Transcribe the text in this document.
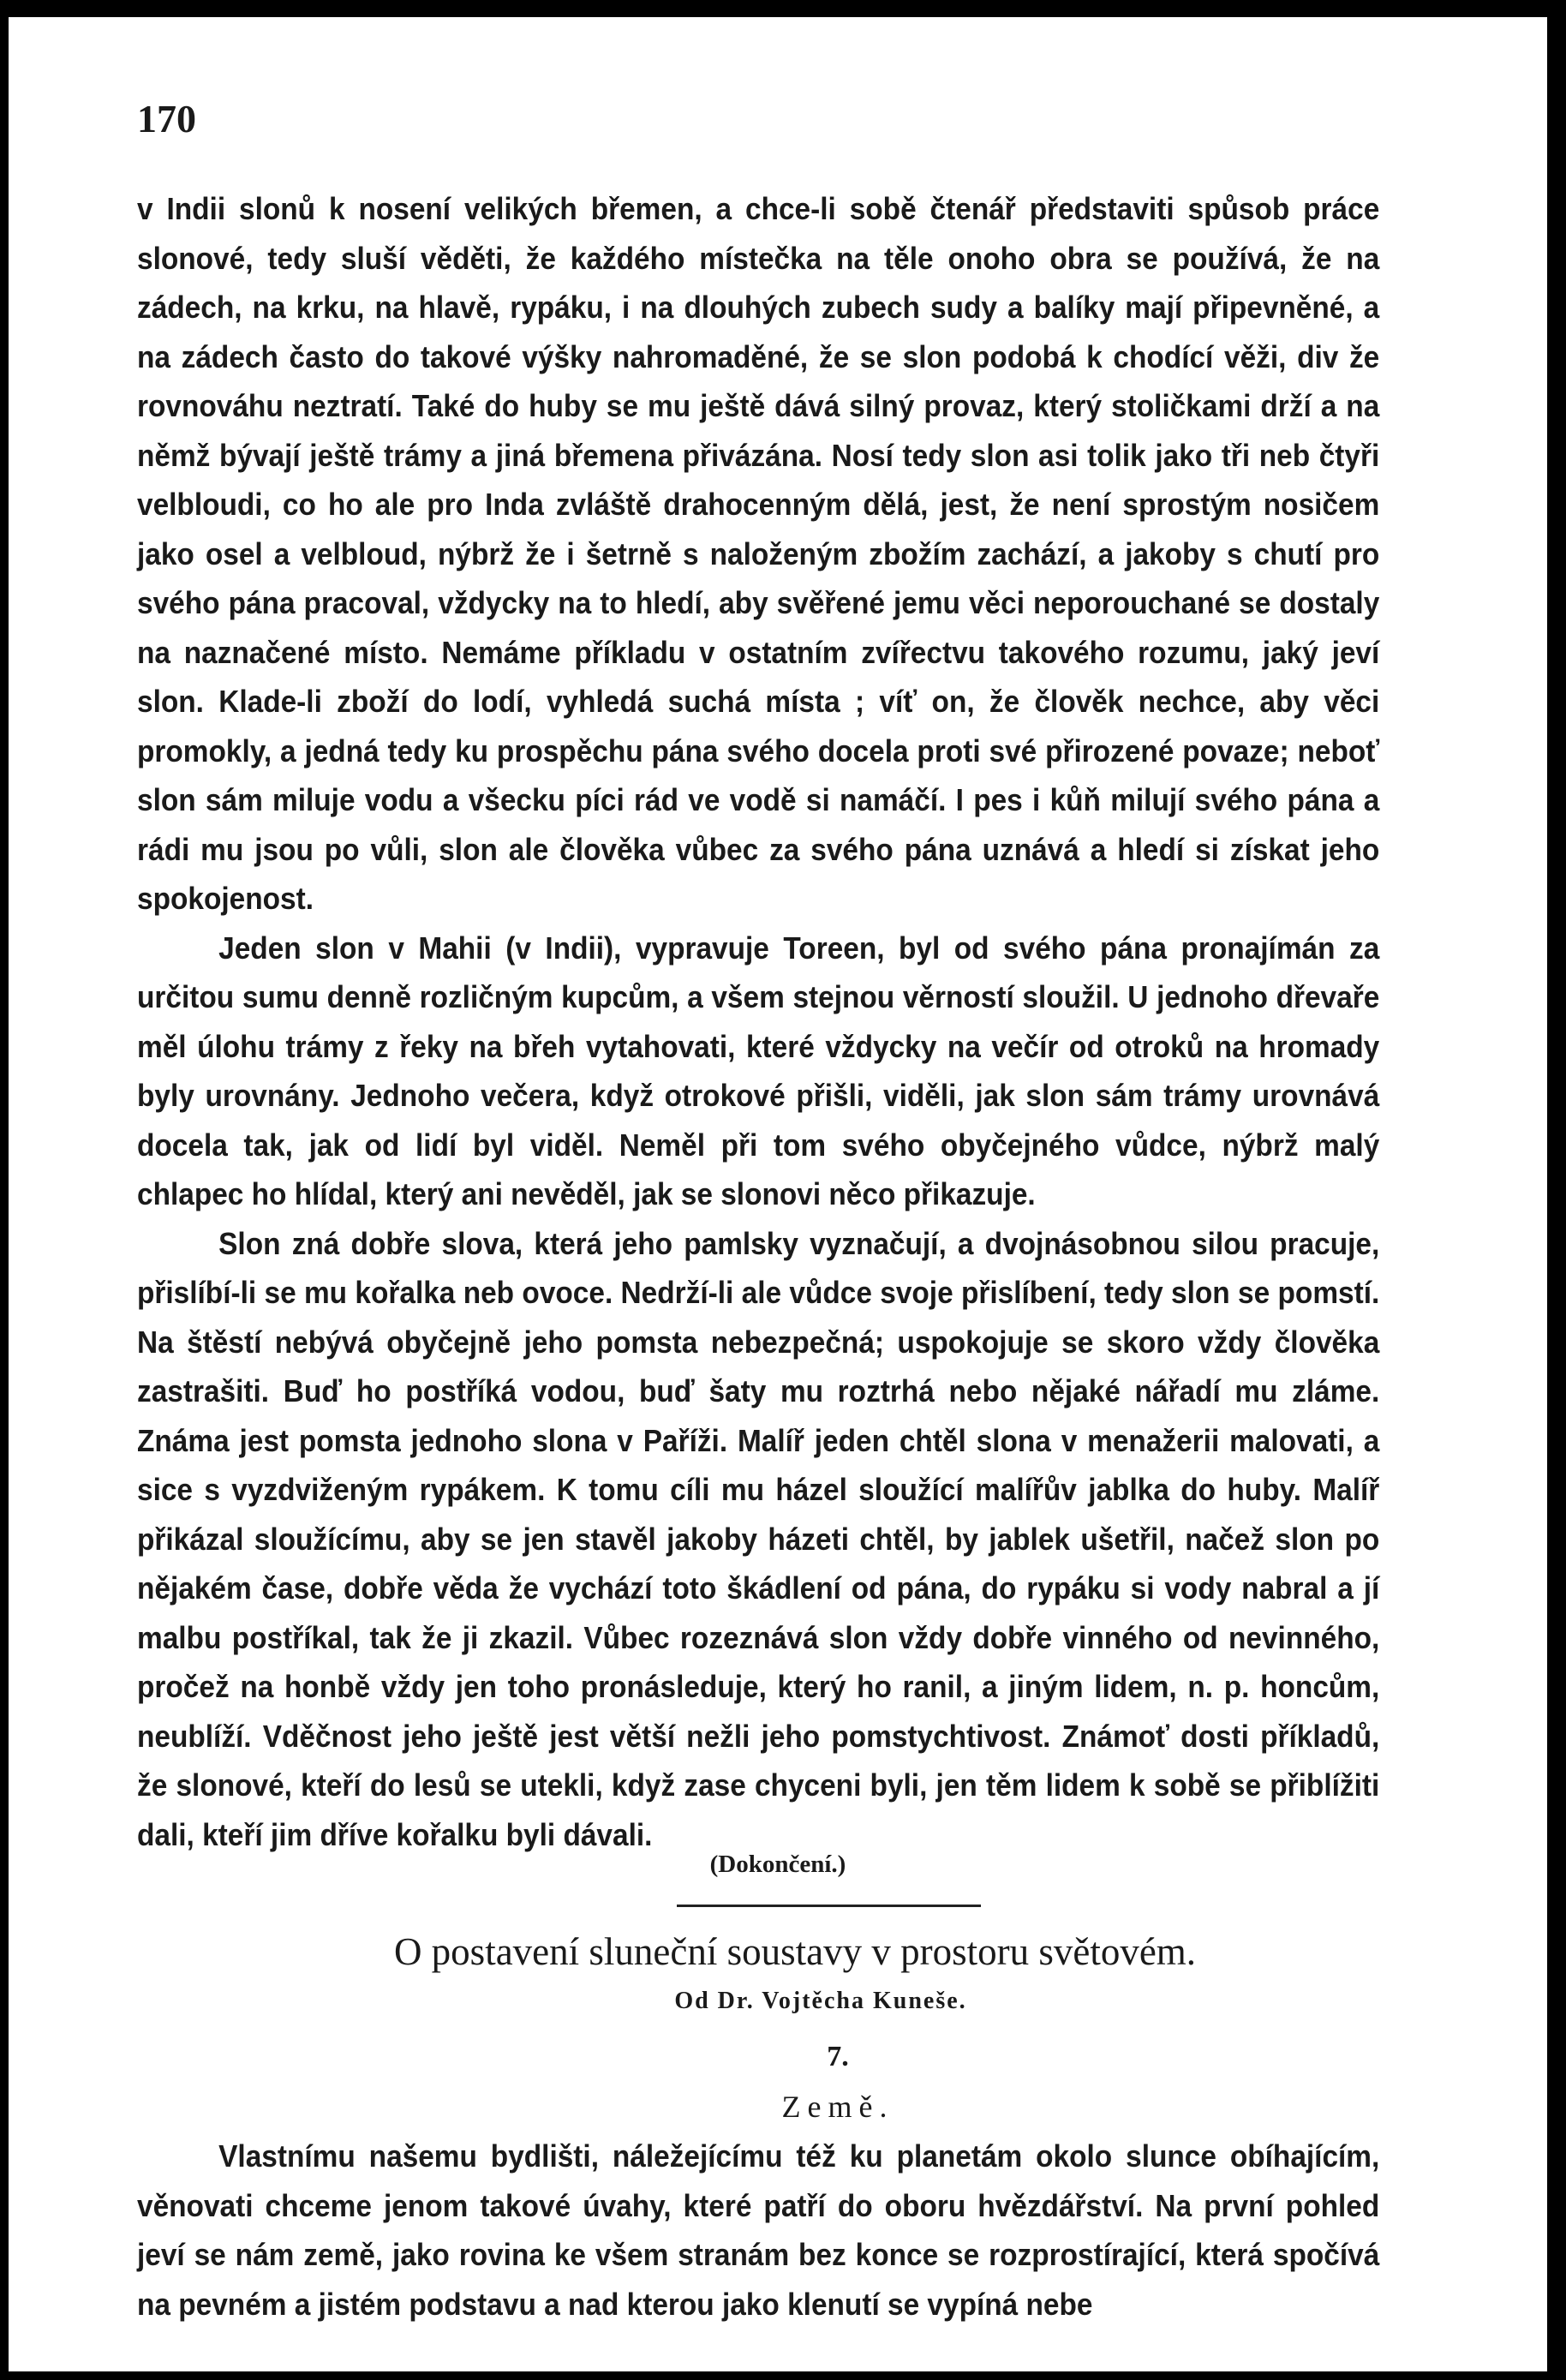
170

v Indii slonů k nosení velikých břemen, a chce-li sobě čtenář představiti spůsob práce slonové, tedy sluší věděti, že každého místečka na těle onoho obra se používá, že na zádech, na krku, na hlavě, rypáku, i na dlouhých zubech sudy a balíky mají připevněné, a na zádech často do takové výšky nahromaděné, že se slon podobá k chodící věži, div že rovnováhu neztratí. Také do huby se mu ještě dává silný provaz, který stoličkami drží a na němž bývají ještě trámy a jiná břemena přivázána. Nosí tedy slon asi tolik jako tři neb čtyři velbloudi, co ho ale pro Inda zvláště drahocenným dělá, jest, že není sprostým nosičem jako osel a velbloud, nýbrž že i šetrně s naloženým zbožím zachází, a jakoby s chutí pro svého pána pracoval, vždycky na to hledí, aby svěřené jemu věci neporouchané se dostaly na naznačené místo. Nemáme příkladu v ostatním zvířectvu takového rozumu, jaký jeví slon. Klade-li zboží do lodí, vyhledá suchá místa ; víť on, že člověk nechce, aby věci promokly, a jedná tedy ku prospěchu pána svého docela proti své přirozené povaze; nebоť slon sám miluje vodu a všecku píci rád ve vodě si namáčí. I pes i kůň milují svého pána a rádi mu jsou po vůli, slon ale člověka vůbec za svého pána uznává a hledí si získat jeho spokojenost.

Jeden slon v Mahii (v Indii), vypravuje Toreen, byl od svého pána pronajímán za určitou sumu denně rozličným kupcům, a všem stejnou věrností sloužil. U jednoho dřevaře měl úlohu trámy z řeky na břeh vytahovati, které vždycky na večír od otroků na hromady byly urovnány. Jednoho večera, když otrokové přišli, viděli, jak slon sám trámy urovnává docela tak, jak od lidí byl viděl. Neměl při tom svého obyčejného vůdce, nýbrž malý chlapec ho hlídal, který ani nevěděl, jak se slonovi něco přikazuje.

Slon zná dobře slova, která jeho pamlsky vyznačují, a dvojnásobnou silou pracuje, přislíbí-li se mu kořalka neb ovoce. Nedrží-li ale vůdce svoje přislíbení, tedy slon se pomstí. Na štěstí nebývá obyčejně jeho pomsta nebezpečná; uspokojuje se skoro vždy člověka zastrašiti. Buď ho postříká vodou, buď šaty mu roztrhá nebo nějaké nářadí mu zláme. Známa jest pomsta jednoho slona v Paříži. Malíř jeden chtěl slona v menažerii malovati, a sice s vyzdviženým rypákem. K tomu cíli mu házel sloužící malířův jablka do huby. Malíř přikázal sloužícímu, aby se jen stavěl jakoby házeti chtěl, by jablek ušetřil, načež slon po nějakém čase, dobře věda že vychází toto škádlení od pána, do rypáku si vody nabral a jí malbu postříkal, tak že ji zkazil. Vůbec rozeznává slon vždy dobře vinného od nevinného, pročež na honbě vždy jen toho pronásleduje, který ho ranil, a jiným lidem, n. p. honcům, neublíží. Vděčnost jeho ještě jest větší nežli jeho pomstychtivost. Známoť dosti příkladů, že slonové, kteří do lesů se utekli, když zase chyceni byli, jen těm lidem k sobě se přiblížiti dali, kteří jim dříve kořalku byli dávali.

(Dokončení.)
O postavení sluneční soustavy v prostoru světovém.

Od Dr. Vojtěcha Kuneše.

7.

Země.

Vlastnímu našemu bydlišti, náležejícímu též ku planetám okolo slunce obíhajícím, věnovati chceme jenom takové úvahy, které patří do oboru hvězdářství. Na první pohled jeví se nám země, jako rovina ke všem stranám bez konce se rozprostírající, která spočívá na pevném a jistém podstavu a nad kterou jako klenutí se vypíná nebe
